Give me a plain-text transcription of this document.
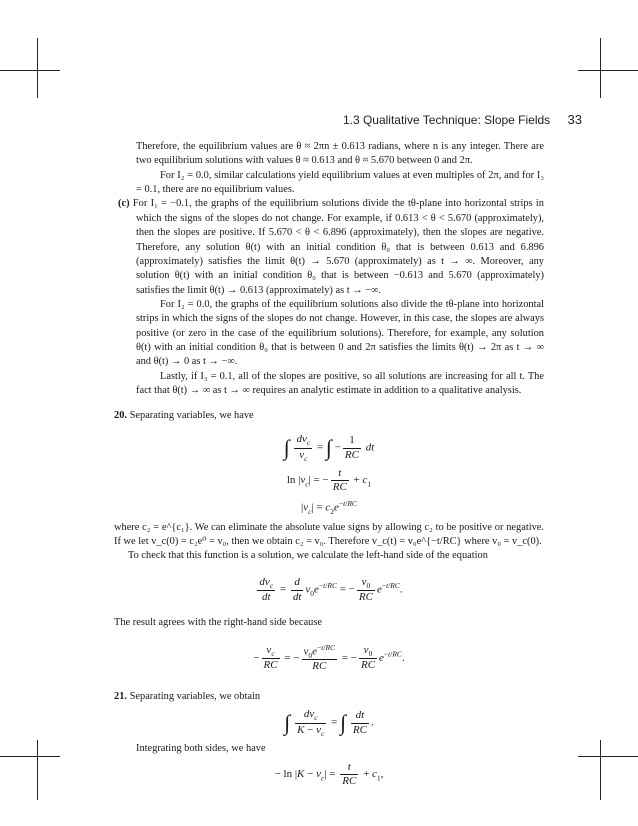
1.3 Qualitative Technique: Slope Fields 33

Therefore, the equilibrium values are θ ≈ 2πn ± 0.613 radians, where n is any integer. There are two equilibrium solutions with values θ ≈ 0.613 and θ ≈ 5.670 between 0 and 2π.

For I₂ = 0.0, similar calculations yield equilibrium values at even multiples of 2π, and for I₃ = 0.1, there are no equilibrium values.

(c) For I₁ = −0.1, the graphs of the equilibrium solutions divide the tθ-plane into horizontal strips in which the signs of the slopes do not change. For example, if 0.613 < θ < 5.670 (approximately), then the slopes are positive. If 5.670 < θ < 6.896 (approximately), then the slopes are negative. Therefore, any solution θ(t) with an initial condition θ₀ that is between 0.613 and 6.896 (approximately) satisfies the limit θ(t) → 5.670 (approximately) as t → ∞. Moreover, any solution θ(t) with an initial condition θ₀ that is between −0.613 and 5.670 (approximately) satisfies the limit θ(t) → 0.613 (approximately) as t → −∞.

For I₂ = 0.0, the graphs of the equilibrium solutions also divide the tθ-plane into horizontal strips in which the signs of the slopes do not change. However, in this case, the slopes are always positive (or zero in the case of the equilibrium solutions). Therefore, for example, any solution θ(t) with an initial condition θ₀ that is between 0 and 2π satisfies the limits θ(t) → 2π as t → ∞ and θ(t) → 0 as t → −∞.

Lastly, if I₃ = 0.1, all of the slopes are positive, so all solutions are increasing for all t. The fact that θ(t) → ∞ as t → ∞ requires an analytic estimate in addition to a qualitative analysis.

20. Separating variables, we have

∫ $\frac{dv_c}{v_c}$ = ∫ − $\frac{1}{RC}$ dt
$\ln |v_c|$ = − $\frac{t}{RC} + c_1$
$|v_c| = c_2e^{-t/RC}$

where c₂ = e^{c₁}. We can eliminate the absolute value signs by allowing c₂ to be positive or negative. If we let v_c(0) = c₂e⁰ = v₀, then we obtain c₂ = v₀. Therefore v_c(t) = v₀e^{−t/RC} where v₀ = v_c(0).

To check that this function is a solution, we calculate the left-hand side of the equation

$\frac{dv_c}{dt} = \frac{d}{dt} v_0e^{-t/RC}$ = − $\frac{v_0}{RC} e^{-t/RC}$.

The result agrees with the right-hand side because

− $\frac{v_c}{RC}$ = − $\frac{v_0e^{-t/RC}}{RC}$ = − $\frac{v_0}{RC} e^{-t/RC}$.

21. Separating variables, we obtain

∫ $\frac{dv_c}{K - v_c}$ = ∫ $\frac{dt}{RC}$ .

Integrating both sides, we have

− $\ln |K - v_c| = \frac{t}{RC} + c_1$,
